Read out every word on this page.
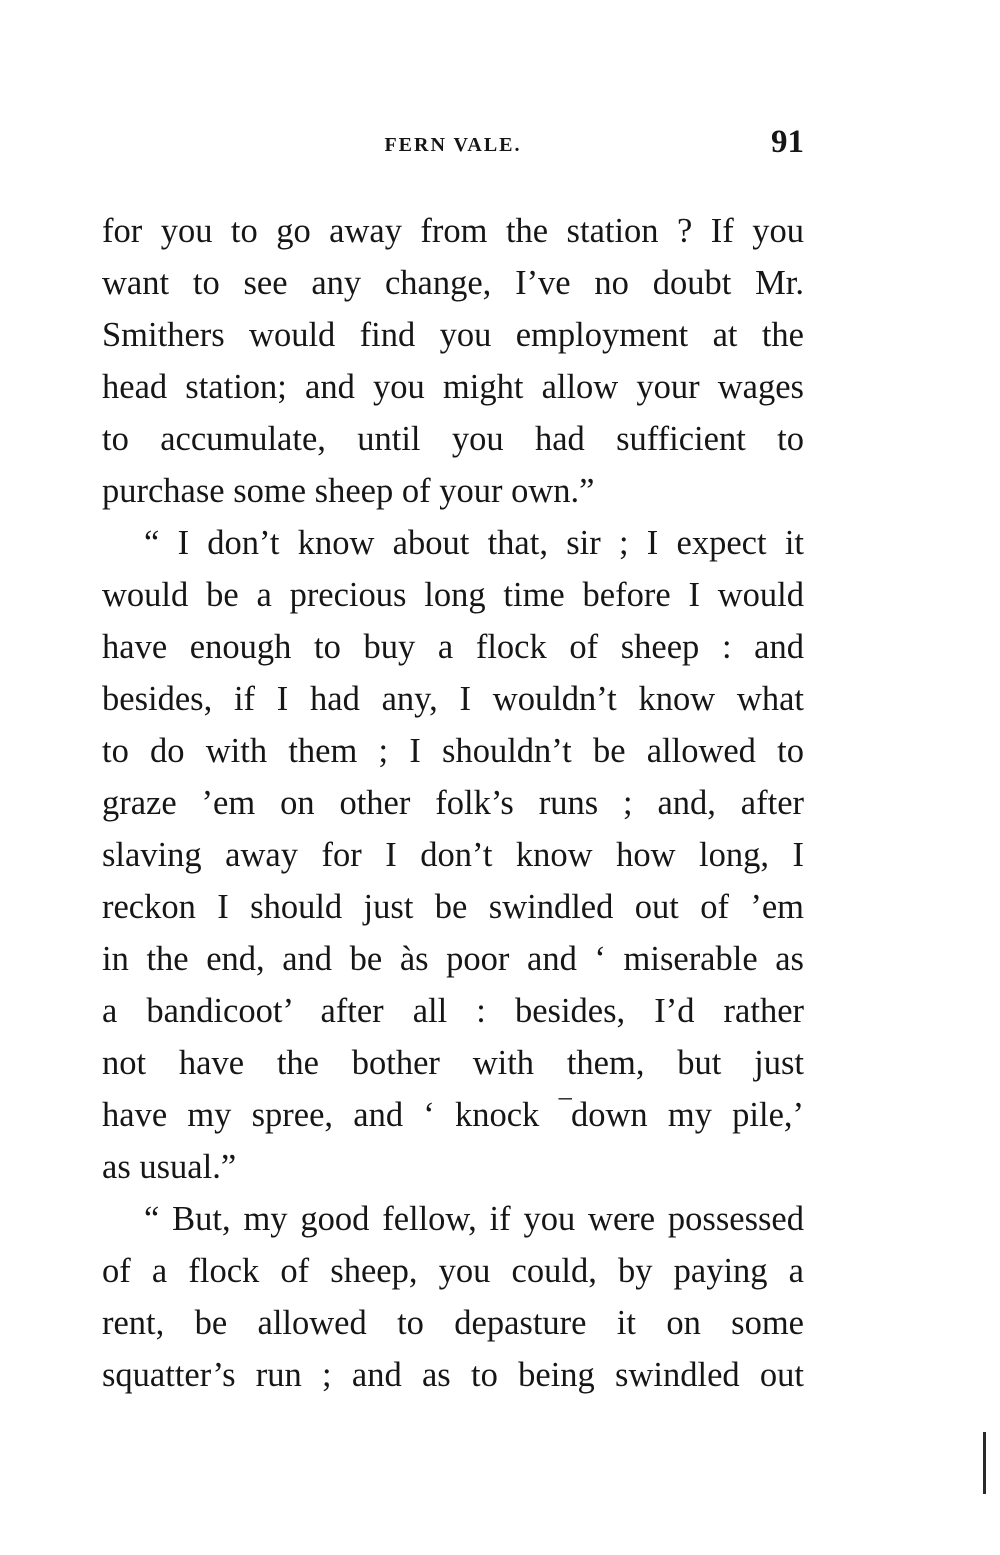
FERN VALE.	91
for you to go away from the station ? If you
want to see any change, I’ve no doubt Mr.
Smithers would find you employment at the
head station; and you might allow your wages
to accumulate, until you had sufficient to
purchase some sheep of your own.”
“ I don’t know about that, sir ; I expect it
would be a precious long time before I would
have enough to buy a flock of sheep : and
besides, if I had any, I wouldn’t know what
to do with them ; I shouldn’t be allowed to
graze ’em on other folk’s runs ; and, after
slaving away for I don’t know how long, I
reckon I should just be swindled out of ’em
in the end, and be às poor and ‘ miserable as
a bandicoot’ after all : besides, I’d rather
not have the bother with them, but just
have my spree, and ‘ knock ‾down my pile,’
as usual.”
“ But, my good fellow, if you were possessed
of a flock of sheep, you could, by paying a
rent, be allowed to depasture it on some
squatter’s run ; and as to being swindled out
